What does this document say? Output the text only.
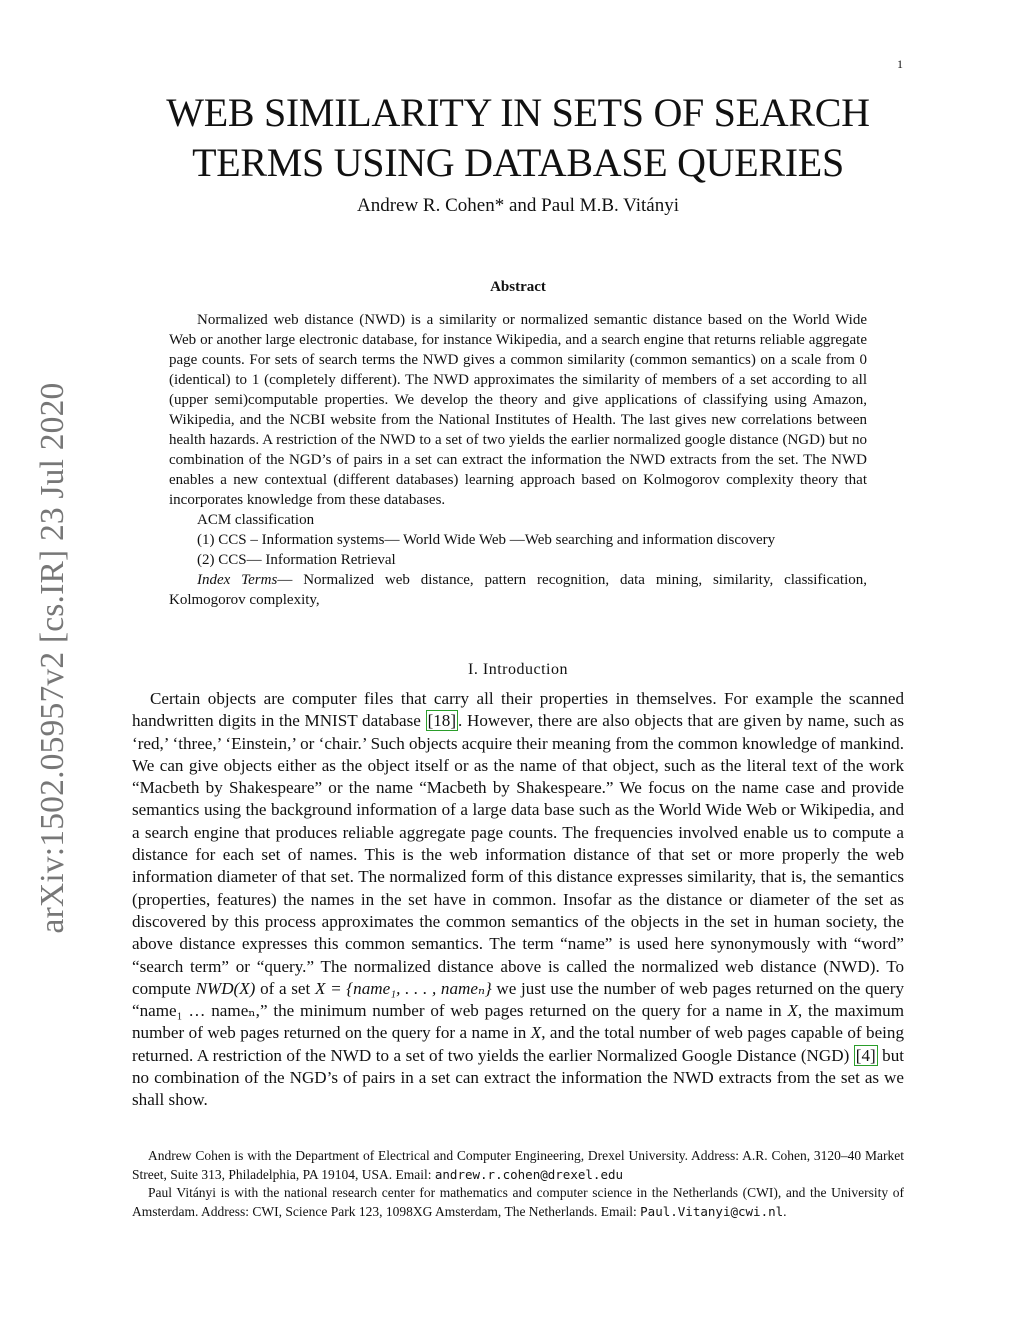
1
arXiv:1502.05957v2 [cs.IR] 23 Jul 2020
WEB SIMILARITY IN SETS OF SEARCH
TERMS USING DATABASE QUERIES
Andrew R. Cohen* and Paul M.B. Vitányi
Abstract

Normalized web distance (NWD) is a similarity or normalized semantic distance based on the World Wide Web or another large electronic database, for instance Wikipedia, and a search engine that returns reliable aggregate page counts. For sets of search terms the NWD gives a common similarity (common semantics) on a scale from 0 (identical) to 1 (completely different). The NWD approximates the similarity of members of a set according to all (upper semi)computable properties. We develop the theory and give applications of classifying using Amazon, Wikipedia, and the NCBI website from the National Institutes of Health. The last gives new correlations between health hazards. A restriction of the NWD to a set of two yields the earlier normalized google distance (NGD) but no combination of the NGD’s of pairs in a set can extract the information the NWD extracts from the set. The NWD enables a new contextual (different databases) learning approach based on Kolmogorov complexity theory that incorporates knowledge from these databases.

ACM classification

(1) CCS – Information systems— World Wide Web —Web searching and information discovery

(2) CCS— Information Retrieval

Index Terms— Normalized web distance, pattern recognition, data mining, similarity, classification, Kolmogorov complexity,

I. Introduction

Certain objects are computer files that carry all their properties in themselves. For example the scanned handwritten digits in the MNIST database [18] . However, there are also objects that are given by name, such as ‘red,’ ‘three,’ ‘Einstein,’ or ‘chair.’ Such objects acquire their meaning from the common knowledge of mankind. We can give objects either as the object itself or as the name of that object, such as the literal text of the work “Macbeth by Shakespeare” or the name “Macbeth by Shakespeare.” We focus on the name case and provide semantics using the background information of a large data base such as the World Wide Web or Wikipedia, and a search engine that produces reliable aggregate page counts. The frequencies involved enable us to compute a distance for each set of names. This is the web information distance of that set or more properly the web information diameter of that set. The normalized form of this distance expresses similarity, that is, the semantics (properties, features) the names in the set have in common. Insofar as the distance or diameter of the set as discovered by this process approximates the common semantics of the objects in the set in human society, the above distance expresses this common semantics. The term “name” is used here synonymously with “word” “search term” or “query.” The normalized distance above is called the normalized web distance (NWD). To compute NWD(X) of a set X = {name₁, . . . , nameₙ} we just use the number of web pages returned on the query “name₁ … nameₙ,” the minimum number of web pages returned on the query for a name in X, the maximum number of web pages returned on the query for a name in X, and the total number of web pages capable of being returned. A restriction of the NWD to a set of two yields the earlier Normalized Google Distance (NGD) [4] but no combination of the NGD’s of pairs in a set can extract the information the NWD extracts from the set as we shall show.

Andrew Cohen is with the Department of Electrical and Computer Engineering, Drexel University. Address: A.R. Cohen, 3120–40 Market Street, Suite 313, Philadelphia, PA 19104, USA. Email: andrew.r.cohen@drexel.edu

Paul Vitányi is with the national research center for mathematics and computer science in the Netherlands (CWI), and the University of Amsterdam. Address: CWI, Science Park 123, 1098XG Amsterdam, The Netherlands. Email: Paul.Vitanyi@cwi.nl.
